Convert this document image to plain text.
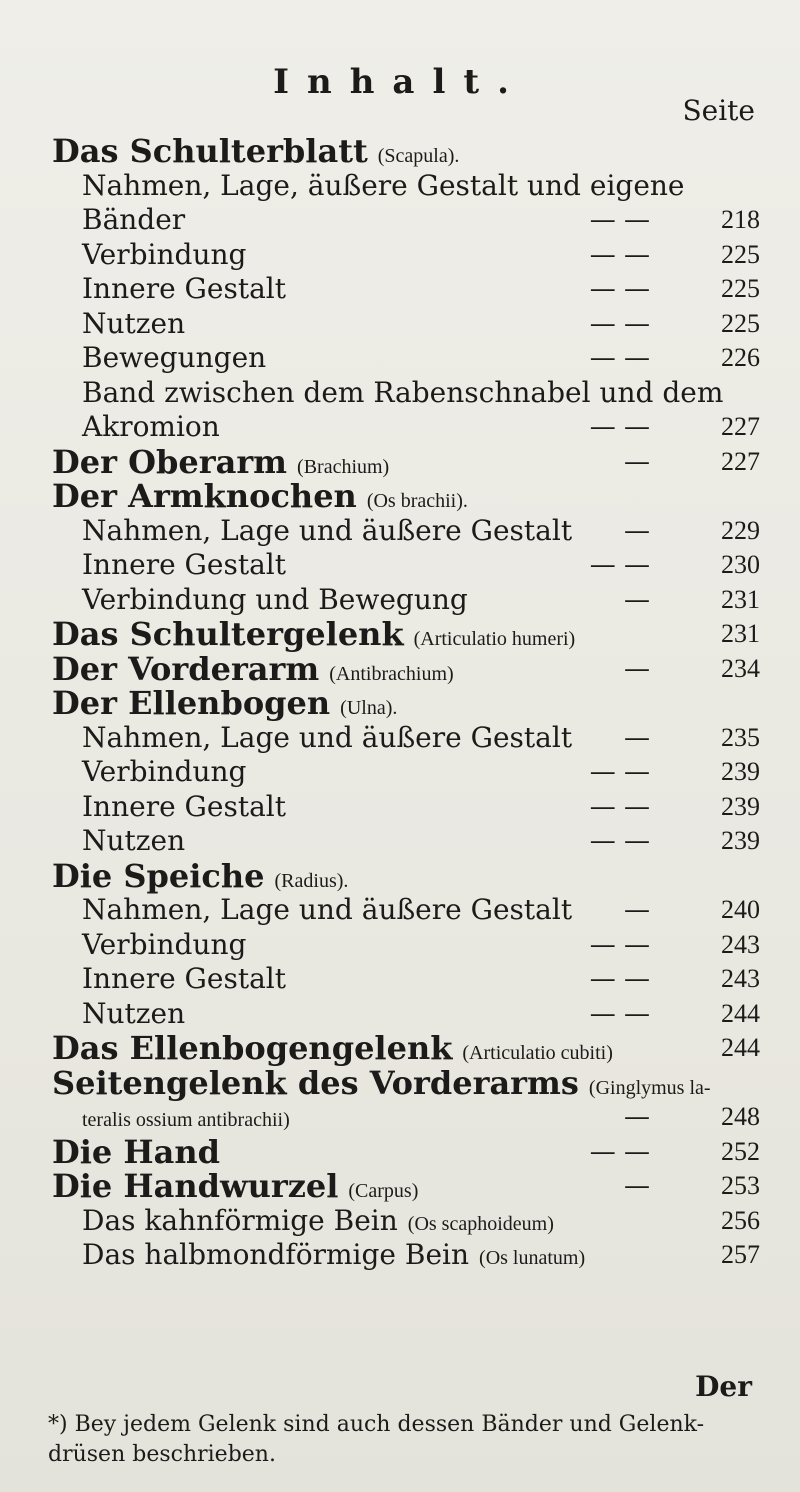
Inhalt.
Seite
Das Schulterblatt (Scapula).
Nahmen, Lage, äußere Gestalt und eigene
Bänder	— —	218
Verbindung	— —	225
Innere Gestalt	— —	225
Nutzen	— —	225
Bewegungen	— —	226
Band zwischen dem Rabenschnabel und dem
Akromion	— —	227
Der Oberarm (Brachium)	—	227
Der Armknochen (Os brachii).
Nahmen, Lage und äußere Gestalt —	229
Innere Gestalt	— —	230
Verbindung und Bewegung	—	231
Das Schultergelenk (Articulatio humeri)	231
Der Vorderarm (Antibrachium)	—	234
Der Ellenbogen (Ulna).
Nahmen, Lage und äußere Gestalt —	235
Verbindung	— —	239
Innere Gestalt	— —	239
Nutzen	— —	239
Die Speiche (Radius).
Nahmen, Lage und äußere Gestalt —	240
Verbindung	— —	243
Innere Gestalt	— —	243
Nutzen	— —	244
Das Ellenbogengelenk (Articulatio cubiti)	244
Seitengelenk des Vorderarms (Ginglymus la-
teralis ossium antibrachii)	—	248
Die Hand	— —	252
Die Handwurzel (Carpus)	—	253
Das kahnförmige Bein (Os scaphoideum)	256
Das halbmondförmige Bein (Os lunatum)	257
Der
*) Bey jedem Gelenk sind auch dessen Bänder und Gelenk-
drüsen beschrieben.
